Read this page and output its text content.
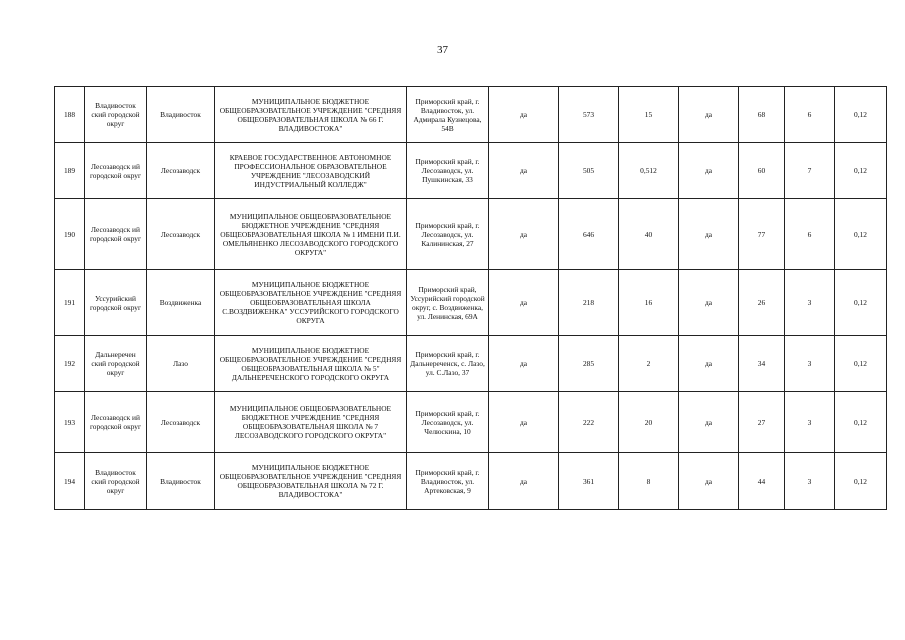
37
188	Владивосток ский городской округ	Владивосток	МУНИЦИПАЛЬНОЕ БЮДЖЕТНОЕ ОБЩЕОБРАЗОВАТЕЛЬНОЕ УЧРЕЖДЕНИЕ "СРЕДНЯЯ ОБЩЕОБРАЗОВАТЕЛЬНАЯ ШКОЛА № 66 Г. ВЛАДИВОСТОКА"	Приморский край, г. Владивосток, ул. Адмирала Кузнецова, 54В	да	573	15	да	68	6	0,12
189	Лесозаводск ий городской округ	Лесозаводск	КРАЕВОЕ ГОСУДАРСТВЕННОЕ АВТОНОМНОЕ ПРОФЕССИОНАЛЬНОЕ ОБРАЗОВАТЕЛЬНОЕ УЧРЕЖДЕНИЕ "ЛЕСОЗАВОДСКИЙ ИНДУСТРИАЛЬНЫЙ КОЛЛЕДЖ"	Приморский край, г. Лесозаводск, ул. Пушкинская, 33	да	505	0,512	да	60	7	0,12
190	Лесозаводск ий городской округ	Лесозаводск	МУНИЦИПАЛЬНОЕ ОБЩЕОБРАЗОВАТЕЛЬНОЕ БЮДЖЕТНОЕ УЧРЕЖДЕНИЕ "СРЕДНЯЯ ОБЩЕОБРАЗОВАТЕЛЬНАЯ ШКОЛА № 1 ИМЕНИ П.И. ОМЕЛЬЯНЕНКО ЛЕСОЗАВОДСКОГО ГОРОДСКОГО ОКРУГА"	Приморский край, г. Лесозаводск, ул. Калининская, 27	да	646	40	да	77	6	0,12
191	Уссурийский городской округ	Воздвиженка	МУНИЦИПАЛЬНОЕ БЮДЖЕТНОЕ ОБЩЕОБРАЗОВАТЕЛЬНОЕ УЧРЕЖДЕНИЕ "СРЕДНЯЯ ОБЩЕОБРАЗОВАТЕЛЬНАЯ ШКОЛА С.ВОЗДВИЖЕНКА" УССУРИЙСКОГО ГОРОДСКОГО ОКРУГА	Приморский край, Уссурийский городской округ, с. Воздвиженка, ул. Ленинская, 69А	да	218	16	да	26	3	0,12
192	Дальнеречен ский городской округ	Лазо	МУНИЦИПАЛЬНОЕ БЮДЖЕТНОЕ ОБЩЕОБРАЗОВАТЕЛЬНОЕ УЧРЕЖДЕНИЕ "СРЕДНЯЯ ОБЩЕОБРАЗОВАТЕЛЬНАЯ ШКОЛА № 5" ДАЛЬНЕРЕЧЕНСКОГО ГОРОДСКОГО ОКРУГА	Приморский край, г. Дальнереченск, с. Лазо, ул. С.Лазо, 37	да	285	2	да	34	3	0,12
193	Лесозаводск ий городской округ	Лесозаводск	МУНИЦИПАЛЬНОЕ ОБЩЕОБРАЗОВАТЕЛЬНОЕ БЮДЖЕТНОЕ УЧРЕЖДЕНИЕ "СРЕДНЯЯ ОБЩЕОБРАЗОВАТЕЛЬНАЯ ШКОЛА № 7 ЛЕСОЗАВОДСКОГО ГОРОДСКОГО ОКРУГА"	Приморский край, г. Лесозаводск, ул. Челюскина, 10	да	222	20	да	27	3	0,12
194	Владивосток ский городской округ	Владивосток	МУНИЦИПАЛЬНОЕ БЮДЖЕТНОЕ ОБЩЕОБРАЗОВАТЕЛЬНОЕ УЧРЕЖДЕНИЕ "СРЕДНЯЯ ОБЩЕОБРАЗОВАТЕЛЬНАЯ ШКОЛА № 72 Г. ВЛАДИВОСТОКА"	Приморский край, г. Владивосток, ул. Артековская, 9	да	361	8	да	44	3	0,12
